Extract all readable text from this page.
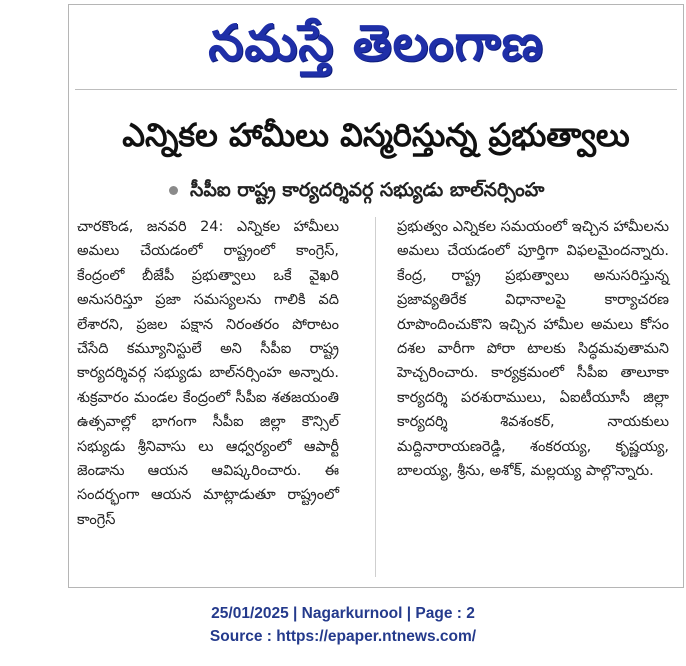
నమస్తే తెలంగాణ
ఎన్నికల హామీలు విస్మరిస్తున్న ప్రభుత్వాలు
సీపీఐ రాష్ట్ర కార్యదర్శివర్గ సభ్యుడు బాల్‌నర్సింహ
చారకొండ, జనవరి 24: ఎన్నికల హామీలు అమలు చేయడంలో రాష్ట్రంలో కాంగ్రెస్, కేంద్రంలో బీజేపీ ప్రభుత్వాలు ఒకే వైఖరి అనుసరిస్తూ ప్రజా సమస్యలను గాలికి వది లేశారని, ప్రజల పక్షాన నిరంతరం పోరాటం చేసేది కమ్యూనిస్టులే అని సీపీఐ రాష్ట్ర కార్యదర్శివర్గ సభ్యుడు బాల్‌నర్సింహ అన్నారు. శుక్రవారం మండల కేంద్రంలో సీపీఐ శతజయంతి ఉత్సవాల్లో భాగంగా సీపీఐ జిల్లా కౌన్సిల్ సభ్యుడు శ్రీనివాసు లు ఆధ్వర్యంలో ఆపార్టీ జెండాను ఆయన ఆవిష్కరించారు. ఈ సందర్భంగా ఆయన మాట్లాడుతూ రాష్ట్రంలో కాంగ్రెస్
ప్రభుత్వం ఎన్నికల సమయంలో ఇచ్చిన హామీలను అమలు చేయడంలో పూర్తిగా విఫలమైందన్నారు. కేంద్ర, రాష్ట్ర ప్రభుత్వాలు అనుసరిస్తున్న ప్రజావ్యతిరేక విధానాలపై కార్యాచరణ రూపొందించుకొని ఇచ్చిన హామీల అమలు కోసం దశల వారీగా పోరా టాలకు సిద్ధమవుతామని హెచ్చరించారు. కార్యక్రమంలో సీపీఐ తాలూకా కార్యదర్శి పరశురాములు, ఏఐటీయూసీ జిల్లా కార్యదర్శి శివశంకర్, నాయకులు మద్దినారాయణరెడ్డి, శంకరయ్య, కృష్ణయ్య, బాలయ్య, శ్రీను, అశోక్, మల్లయ్య పాల్గొన్నారు.
25/01/2025 | Nagarkurnool | Page : 2
Source : https://epaper.ntnews.com/
